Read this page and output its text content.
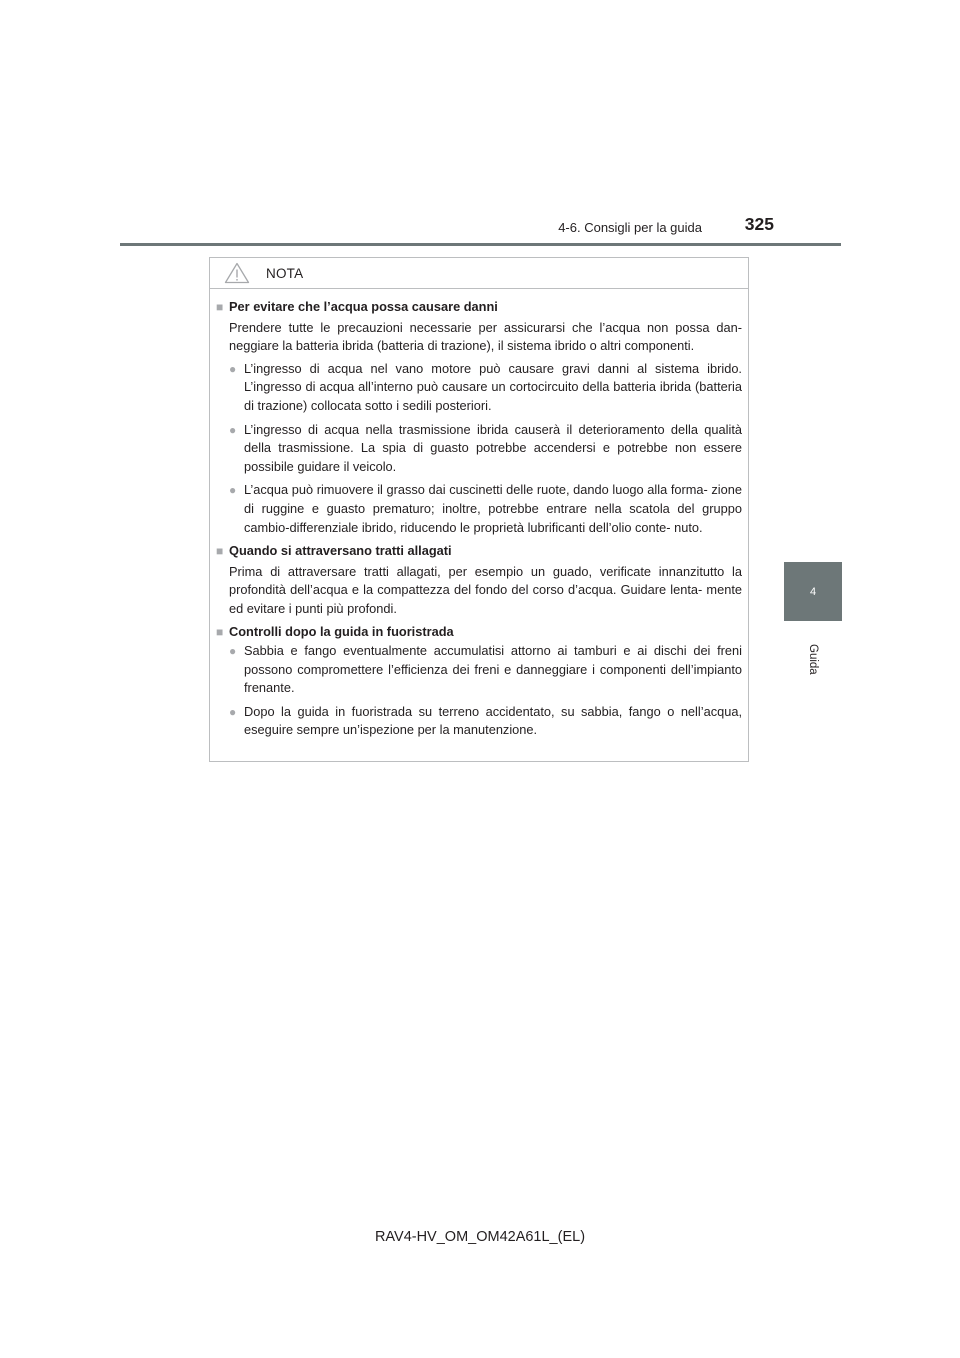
4-6. Consigli per la guida	325
4
Guida
NOTA
■ Per evitare che l’acqua possa causare danni
Prendere tutte le precauzioni necessarie per assicurarsi che l’acqua non possa dan- neggiare la batteria ibrida (batteria di trazione), il sistema ibrido o altri componenti.
● L’ingresso di acqua nel vano motore può causare gravi danni al sistema ibrido. L’ingresso di acqua all’interno può causare un cortocircuito della batteria ibrida (batteria di trazione) collocata sotto i sedili posteriori.
● L’ingresso di acqua nella trasmissione ibrida causerà il deterioramento della qualità della trasmissione. La spia di guasto potrebbe accendersi e potrebbe non essere possibile guidare il veicolo.
● L’acqua può rimuovere il grasso dai cuscinetti delle ruote, dando luogo alla forma- zione di ruggine e guasto prematuro; inoltre, potrebbe entrare nella scatola del gruppo cambio-differenziale ibrido, riducendo le proprietà lubrificanti dell’olio conte- nuto.
■ Quando si attraversano tratti allagati
Prima di attraversare tratti allagati, per esempio un guado, verificate innanzitutto la profondità dell’acqua e la compattezza del fondo del corso d’acqua. Guidare lenta- mente ed evitare i punti più profondi.
■ Controlli dopo la guida in fuoristrada
● Sabbia e fango eventualmente accumulatisi attorno ai tamburi e ai dischi dei freni possono compromettere l’efficienza dei freni e danneggiare i componenti dell’impianto frenante.
● Dopo la guida in fuoristrada su terreno accidentato, su sabbia, fango o nell’acqua, eseguire sempre un’ispezione per la manutenzione.
RAV4-HV_OM_OM42A61L_(EL)
